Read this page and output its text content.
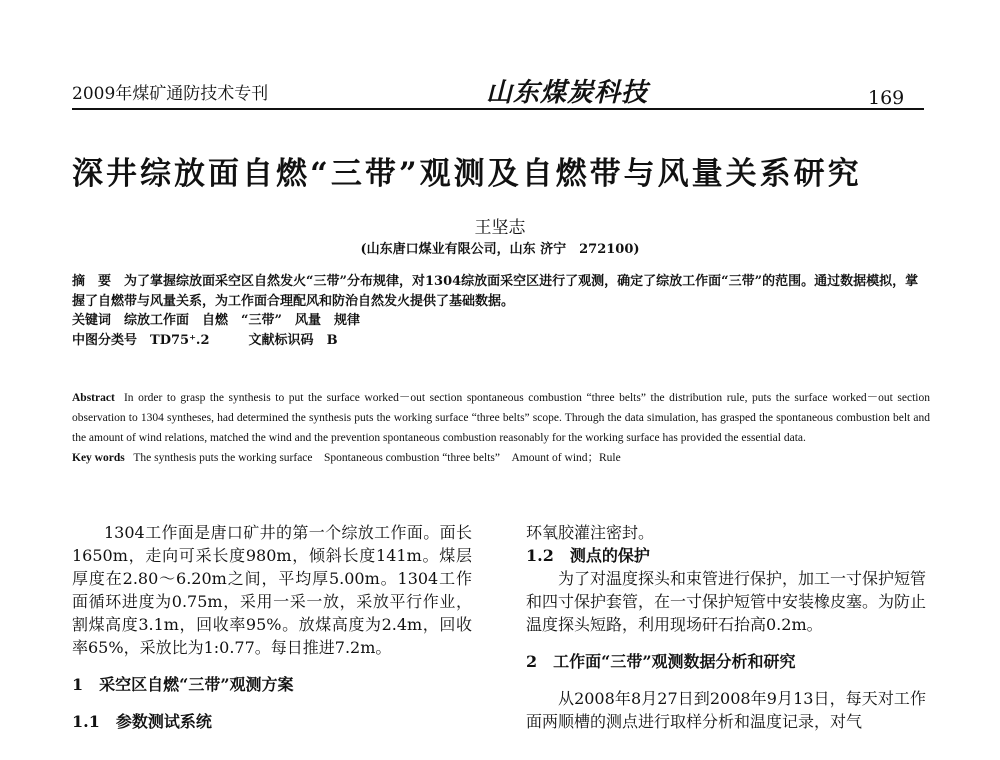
2009年煤矿通防技术专刊	山东煤炭科技	169
深井综放面自燃“三带”观测及自燃带与风量关系研究
王坚志
(山东唐口煤业有限公司，山东 济宁　272100)

摘　要　 为了掌握综放面采空区自然发火“三带”分布规律，对1304综放面采空区进行了观测，确定了综放工作面“三带”的范围。通过数据模拟，掌握了自燃带与风量关系，为工作面合理配风和防治自然发火提供了基础数据。

关键词　 综放工作面　自燃　“三带”　风量　规律

中图分类号　 TD75⁺.2　　　	文献标识码　 B

Abstract In order to grasp the synthesis to put the surface worked－out section spontaneous combustion “three belts” the distribution rule, puts the surface worked－out section observation to 1304 syntheses, had determined the synthesis puts the working surface “three belts” scope. Through the data simulation, has grasped the spontaneous combustion belt and the amount of wind relations, matched the wind and the prevention spontaneous combustion reasonably for the working surface has provided the essential data.

Key words The synthesis puts the working surface　Spontaneous combustion “three belts”　Amount of wind；Rule

1304工作面是唐口矿井的第一个综放工作面。面长1650m，走向可采长度980m，倾斜长度141m。煤层厚度在2.80～6.20m之间，平均厚5.00m。1304工作面循环进度为0.75m，采用一采一放，采放平行作业，割煤高度3.1m，回收率95%。放煤高度为2.4m，回收率65%，采放比为1:0.77。每日推进7.2m。

1　采空区自燃“三带”观测方案

1.1　参数测试系统

环氧胶灌注密封。

1.2　测点的保护

为了对温度探头和束管进行保护，加工一寸保护短管和四寸保护套管，在一寸保护短管中安装橡皮塞。为防止温度探头短路，利用现场矸石抬高0.2m。

2　工作面“三带”观测数据分析和研究

从2008年8月27日到2008年9月13日，每天对工作面两顺槽的测点进行取样分析和温度记录，对气
